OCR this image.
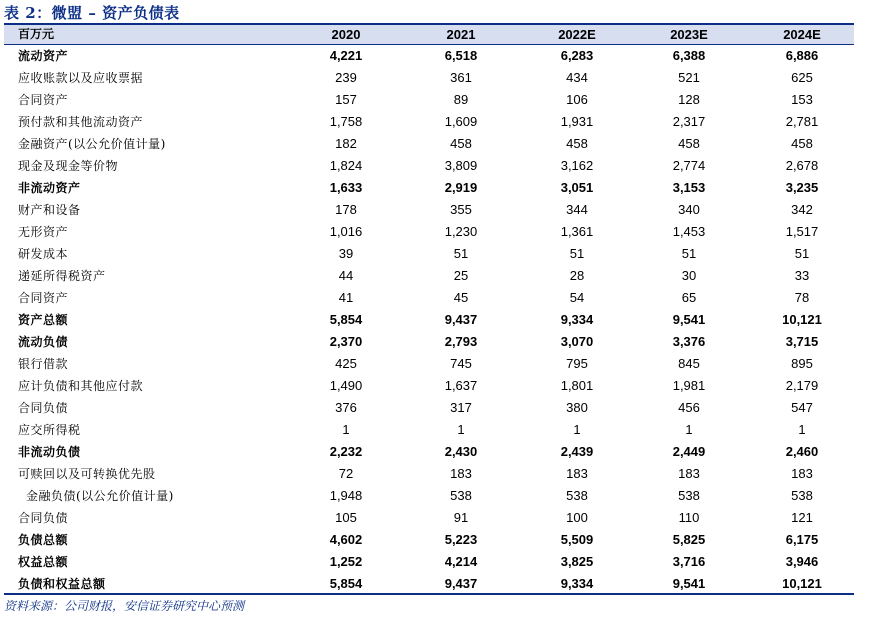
表 2：微盟 – 资产负债表
百万元	2020	2021	2022E	2023E	2024E
流动资产	4,221	6,518	6,283	6,388	6,886
应收账款以及应收票据	239	361	434	521	625
合同资产	157	89	106	128	153
预付款和其他流动资产	1,758	1,609	1,931	2,317	2,781
金融资产(以公允价值计量)	182	458	458	458	458
现金及现金等价物	1,824	3,809	3,162	2,774	2,678
非流动资产	1,633	2,919	3,051	3,153	3,235
财产和设备	178	355	344	340	342
无形资产	1,016	1,230	1,361	1,453	1,517
研发成本	39	51	51	51	51
递延所得税资产	44	25	28	30	33
合同资产	41	45	54	65	78
资产总额	5,854	9,437	9,334	9,541	10,121
流动负债	2,370	2,793	3,070	3,376	3,715
银行借款	425	745	795	845	895
应计负债和其他应付款	1,490	1,637	1,801	1,981	2,179
合同负债	376	317	380	456	547
应交所得税	1	1	1	1	1
非流动负债	2,232	2,430	2,439	2,449	2,460
可赎回以及可转换优先股	72	183	183	183	183
金融负债(以公允价值计量)	1,948	538	538	538	538
合同负债	105	91	100	110	121
负债总额	4,602	5,223	5,509	5,825	6,175
权益总额	1,252	4,214	3,825	3,716	3,946
负债和权益总额	5,854	9,437	9,334	9,541	10,121
资料来源：公司财报，安信证券研究中心预测
